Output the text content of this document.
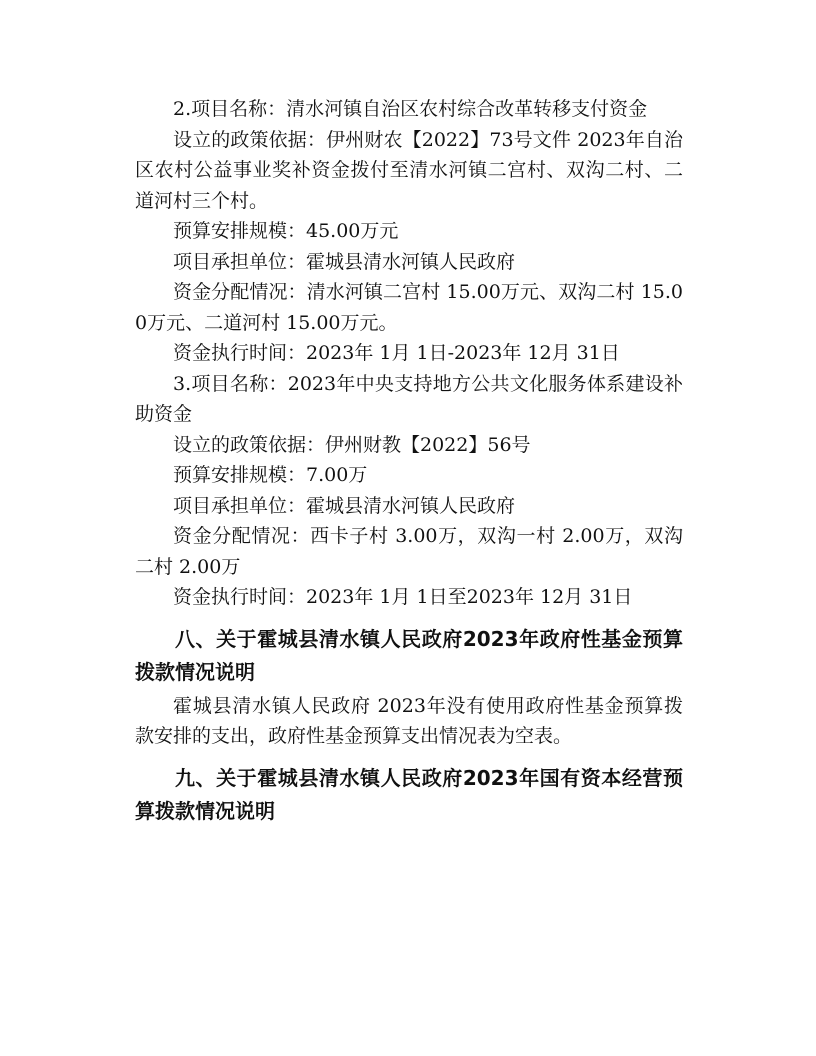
2.项目名称：清水河镇自治区农村综合改革转移支付资金

设立的政策依据：伊州财农【2022】73号文件 2023年自治区农村公益事业奖补资金拨付至清水河镇二宫村、双沟二村、二道河村三个村。

预算安排规模：45.00万元

项目承担单位：霍城县清水河镇人民政府

资金分配情况：清水河镇二宫村 15.00万元、双沟二村 15.00万元、二道河村 15.00万元。

资金执行时间：2023年 1月 1日-2023年 12月 31日

3.项目名称：2023年中央支持地方公共文化服务体系建设补助资金

设立的政策依据：伊州财教【2022】56号

预算安排规模：7.00万

项目承担单位：霍城县清水河镇人民政府

资金分配情况：西卡子村 3.00万，双沟一村 2.00万，双沟二村 2.00万

资金执行时间：2023年 1月 1日至2023年 12月 31日

八、关于霍城县清水镇人民政府2023年政府性基金预算拨款情况说明

霍城县清水镇人民政府 2023年没有使用政府性基金预算拨款安排的支出，政府性基金预算支出情况表为空表。

九、关于霍城县清水镇人民政府2023年国有资本经营预算拨款情况说明
